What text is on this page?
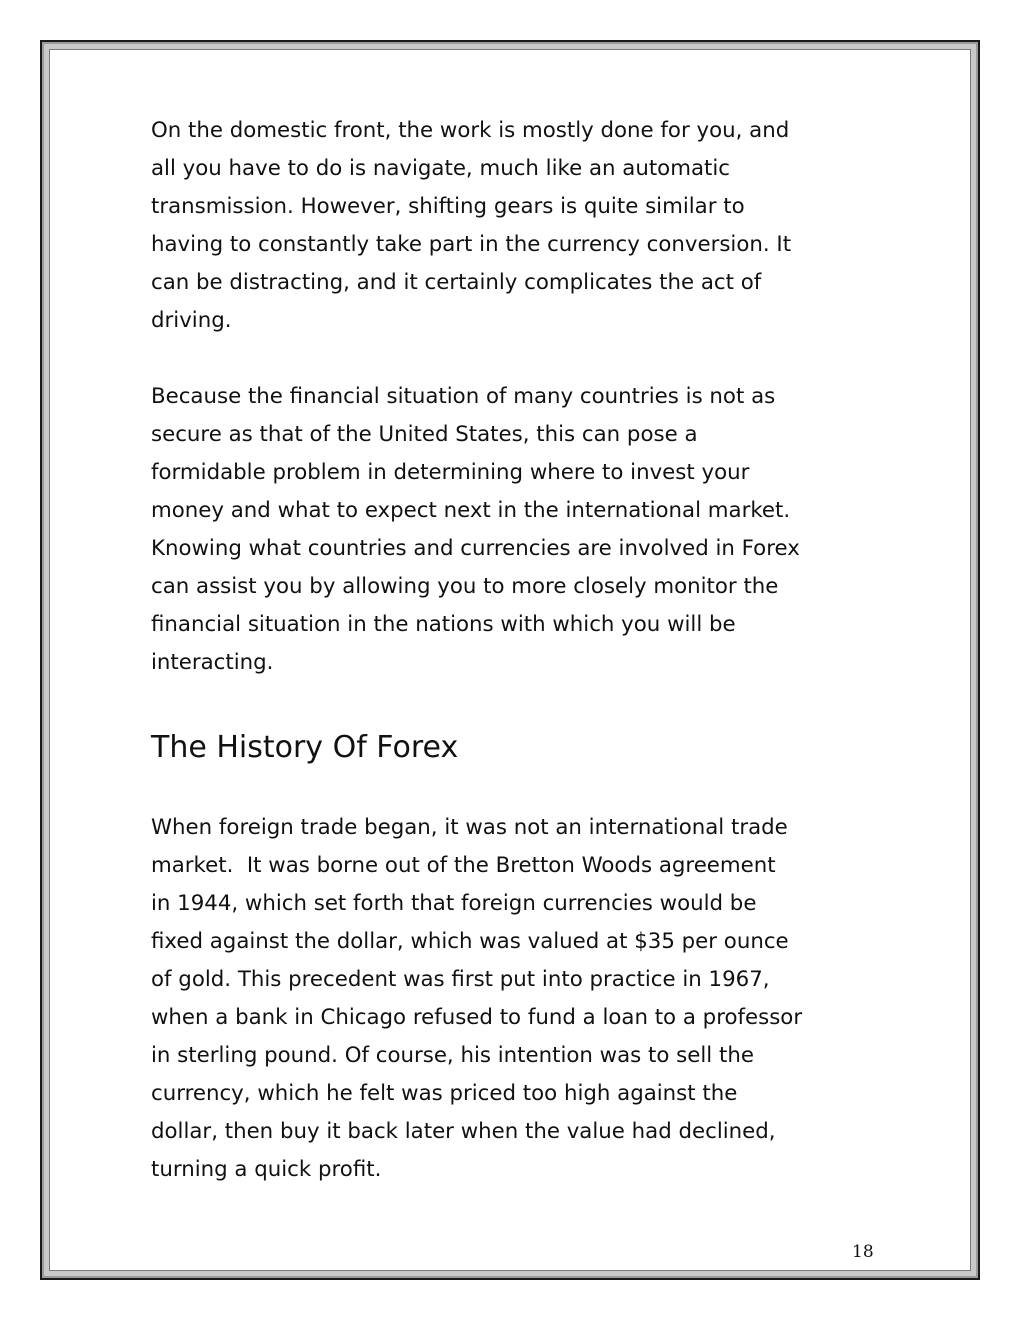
On the domestic front, the work is mostly done for you, and
all you have to do is navigate, much like an automatic
transmission. However, shifting gears is quite similar to
having to constantly take part in the currency conversion. It
can be distracting, and it certainly complicates the act of
driving.

Because the financial situation of many countries is not as
secure as that of the United States, this can pose a
formidable problem in determining where to invest your
money and what to expect next in the international market.
Knowing what countries and currencies are involved in Forex
can assist you by allowing you to more closely monitor the
financial situation in the nations with which you will be
interacting.

The History Of Forex

When foreign trade began, it was not an international trade
market.  It was borne out of the Bretton Woods agreement
in 1944, which set forth that foreign currencies would be
fixed against the dollar, which was valued at $35 per ounce
of gold. This precedent was first put into practice in 1967,
when a bank in Chicago refused to fund a loan to a professor
in sterling pound. Of course, his intention was to sell the
currency, which he felt was priced too high against the
dollar, then buy it back later when the value had declined,
turning a quick profit.

18
